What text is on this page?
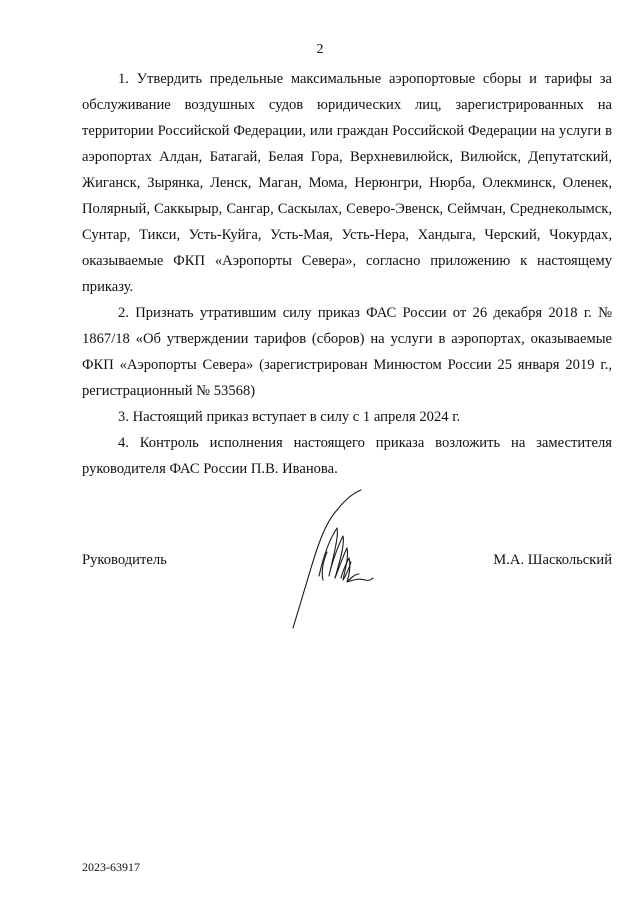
2

1. Утвердить предельные максимальные аэропортовые сборы и тарифы за обслуживание воздушных судов юридических лиц, зарегистрированных на территории Российской Федерации, или граждан Российской Федерации на услуги в аэропортах Алдан, Батагай, Белая Гора, Верхневилюйск, Вилюйск, Депутатский, Жиганск, Зырянка, Ленск, Маган, Мома, Нерюнгри, Нюрба, Олекминск, Оленек, Полярный, Саккырыр, Сангар, Саскылах, Северо-Эвенск, Сеймчан, Среднеколымск, Сунтар, Тикси, Усть-Куйга, Усть-Мая, Усть-Нера, Хандыга, Черский, Чокурдах, оказываемые ФКП «Аэропорты Севера», согласно приложению к настоящему приказу.

2. Признать утратившим силу приказ ФАС России от 26 декабря 2018 г. № 1867/18 «Об утверждении тарифов (сборов) на услуги в аэропортах, оказываемые ФКП «Аэропорты Севера» (зарегистрирован Минюстом России 25 января 2019 г., регистрационный № 53568)

3. Настоящий приказ вступает в силу с 1 апреля 2024 г.

4. Контроль исполнения настоящего приказа возложить на заместителя руководителя ФАС России П.В. Иванова.

Руководитель	М.А. Шаскольский
2023-63917
